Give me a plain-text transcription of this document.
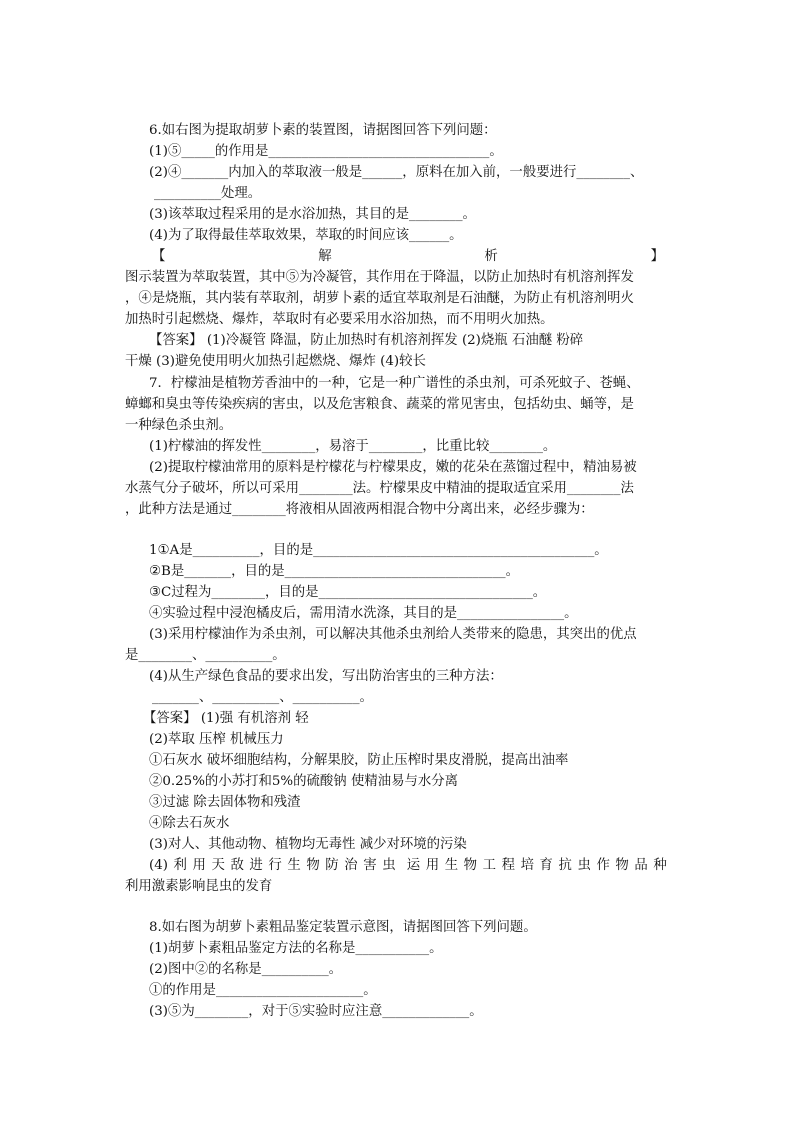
6.如右图为提取胡萝卜素的装置图，请据图回答下列问题：
(1)⑤_____的作用是_________________________________。
(2)④_______内加入的萃取液一般是______，原料在加入前，一般要进行________、
__________处理。
(3)该萃取过程采用的是水浴加热，其目的是________。
(4)为了取得最佳萃取效果，萃取的时间应该______。
【	解	析	】
图示装置为萃取装置，其中⑤为冷凝管，其作用在于降温，以防止加热时有机溶剂挥发
，④是烧瓶，其内装有萃取剂，胡萝卜素的适宜萃取剂是石油醚，为防止有机溶剂明火
加热时引起燃烧、爆炸，萃取时有必要采用水浴加热，而不用明火加热。
【答案】 (1)冷凝管 降温，防止加热时有机溶剂挥发 (2)烧瓶 石油醚 粉碎
干燥 (3)避免使用明火加热引起燃烧、爆炸 (4)较长
7．柠檬油是植物芳香油中的一种，它是一种广谱性的杀虫剂，可杀死蚊子、苍蝇、
蟑螂和臭虫等传染疾病的害虫，以及危害粮食、蔬菜的常见害虫，包括幼虫、蛹等，是
一种绿色杀虫剂。
(1)柠檬油的挥发性________，易溶于________，比重比较________。
(2)提取柠檬油常用的原料是柠檬花与柠檬果皮，嫩的花朵在蒸馏过程中，精油易被
水蒸气分子破坏，所以可采用________法。柠檬果皮中精油的提取适宜采用________法
，此种方法是通过________将液相从固液两相混合物中分离出来，必经步骤为：
1①A是__________，目的是__________________________________________。
②B是_______，目的是_________________________________。
③C过程为________，目的是________________________________。
④实验过程中浸泡橘皮后，需用清水洗涤，其目的是________________。
(3)采用柠檬油作为杀虫剂，可以解决其他杀虫剂给人类带来的隐患，其突出的优点
是________、__________。
(4)从生产绿色食品的要求出发，写出防治害虫的三种方法：
_______、__________、__________。
【答案】 (1)强 有机溶剂 轻
(2)萃取 压榨 机械压力
①石灰水 破坏细胞结构，分解果胶，防止压榨时果皮滑脱，提高出油率
②0.25%的小苏打和5%的硫酸钠 使精油易与水分离
③过滤 除去固体物和残渣
④除去石灰水
(3)对人、其他动物、植物均无毒性 减少对环境的污染
(4) 利 用 天 敌 进 行 生 物 防 治 害 虫 运 用 生 物 工 程 培 育 抗 虫 作 物 品 种
利用激素影响昆虫的发育
8.如右图为胡萝卜素粗品鉴定装置示意图，请据图回答下列问题。
(1)胡萝卜素粗品鉴定方法的名称是___________。
(2)图中②的名称是__________。
①的作用是______________________。
(3)⑤为________，对于⑤实验时应注意_____________。
